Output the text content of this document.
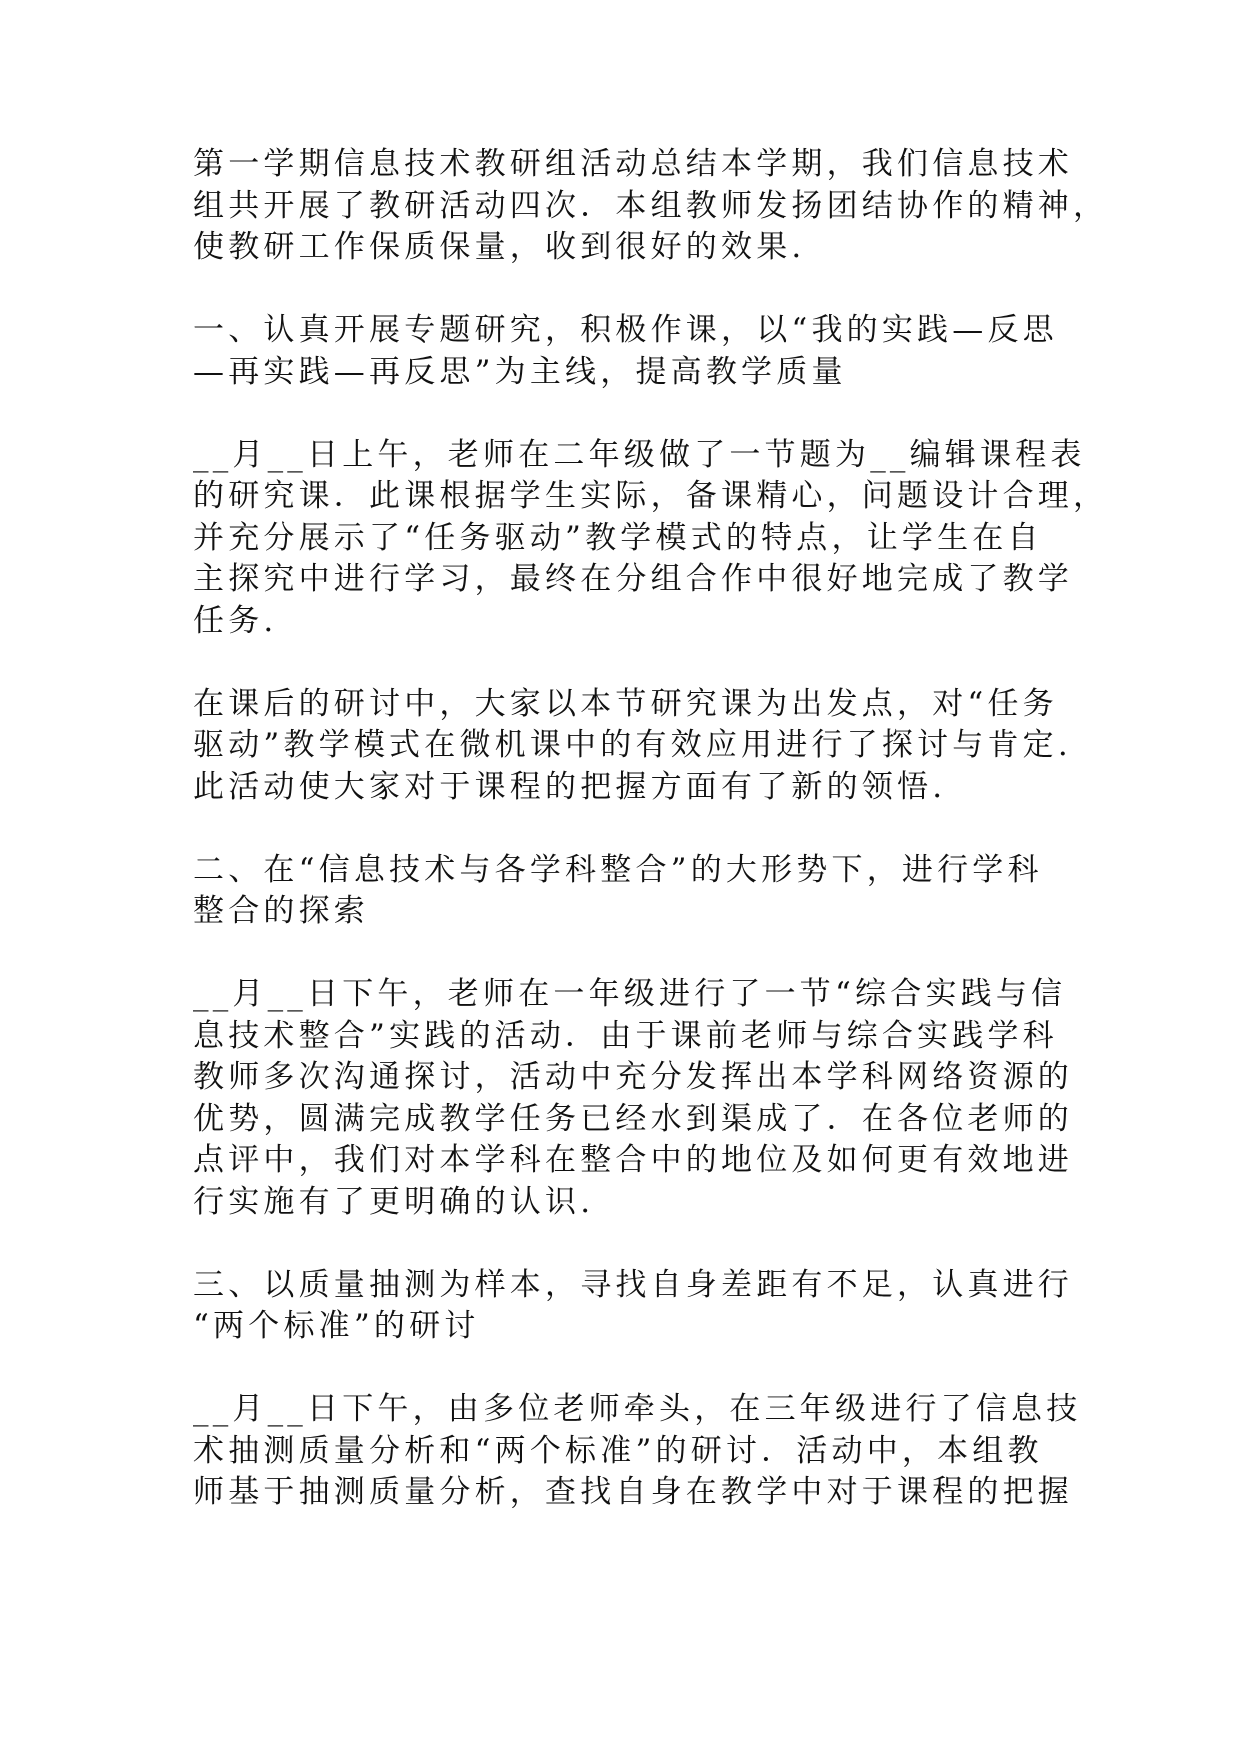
第一学期信息技术教研组活动总结本学期，我们信息技术
组共开展了教研活动四次．本组教师发扬团结协作的精神，
使教研工作保质保量，收到很好的效果.

一、认真开展专题研究，积极作课，以“我的实践—反思
—再实践—再反思”为主线，提高教学质量

__月__日上午，老师在二年级做了一节题为__编辑课程表
的研究课．此课根据学生实际，备课精心，问题设计合理，
并充分展示了“任务驱动”教学模式的特点，让学生在自
主探究中进行学习，最终在分组合作中很好地完成了教学
任务.

在课后的研讨中，大家以本节研究课为出发点，对“任务
驱动”教学模式在微机课中的有效应用进行了探讨与肯定.
此活动使大家对于课程的把握方面有了新的领悟.

二、在“信息技术与各学科整合”的大形势下，进行学科
整合的探索

__月__日下午，老师在一年级进行了一节“综合实践与信
息技术整合”实践的活动．由于课前老师与综合实践学科
教师多次沟通探讨，活动中充分发挥出本学科网络资源的
优势，圆满完成教学任务已经水到渠成了．在各位老师的
点评中，我们对本学科在整合中的地位及如何更有效地进
行实施有了更明确的认识.

三、以质量抽测为样本，寻找自身差距有不足，认真进行
“两个标准”的研讨

__月__日下午，由多位老师牵头，在三年级进行了信息技
术抽测质量分析和“两个标准”的研讨．活动中，本组教
师基于抽测质量分析，查找自身在教学中对于课程的把握
